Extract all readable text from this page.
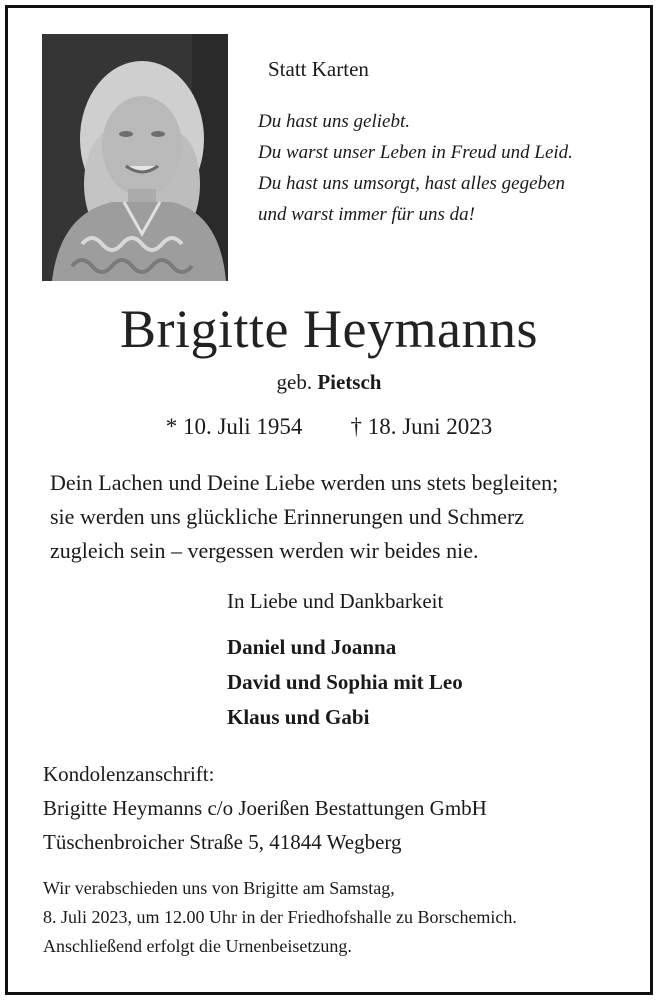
Statt Karten
Du hast uns geliebt.
Du warst unser Leben in Freud und Leid.
Du hast uns umsorgt, hast alles gegeben
und warst immer für uns da!
Brigitte Heymanns
geb. Pietsch
* 10. Juli 1954 † 18. Juni 2023
Dein Lachen und Deine Liebe werden uns stets begleiten;
sie werden uns glückliche Erinnerungen und Schmerz
zugleich sein – vergessen werden wir beides nie.
In Liebe und Dankbarkeit
Daniel und Joanna
David und Sophia mit Leo
Klaus und Gabi
Kondolenzanschrift:
Brigitte Heymanns c/o Joerißen Bestattungen GmbH
Tüschenbroicher Straße 5, 41844 Wegberg
Wir verabschieden uns von Brigitte am Samstag,
8. Juli 2023, um 12.00 Uhr in der Friedhofshalle zu Borschemich.
Anschließend erfolgt die Urnenbeisetzung.
